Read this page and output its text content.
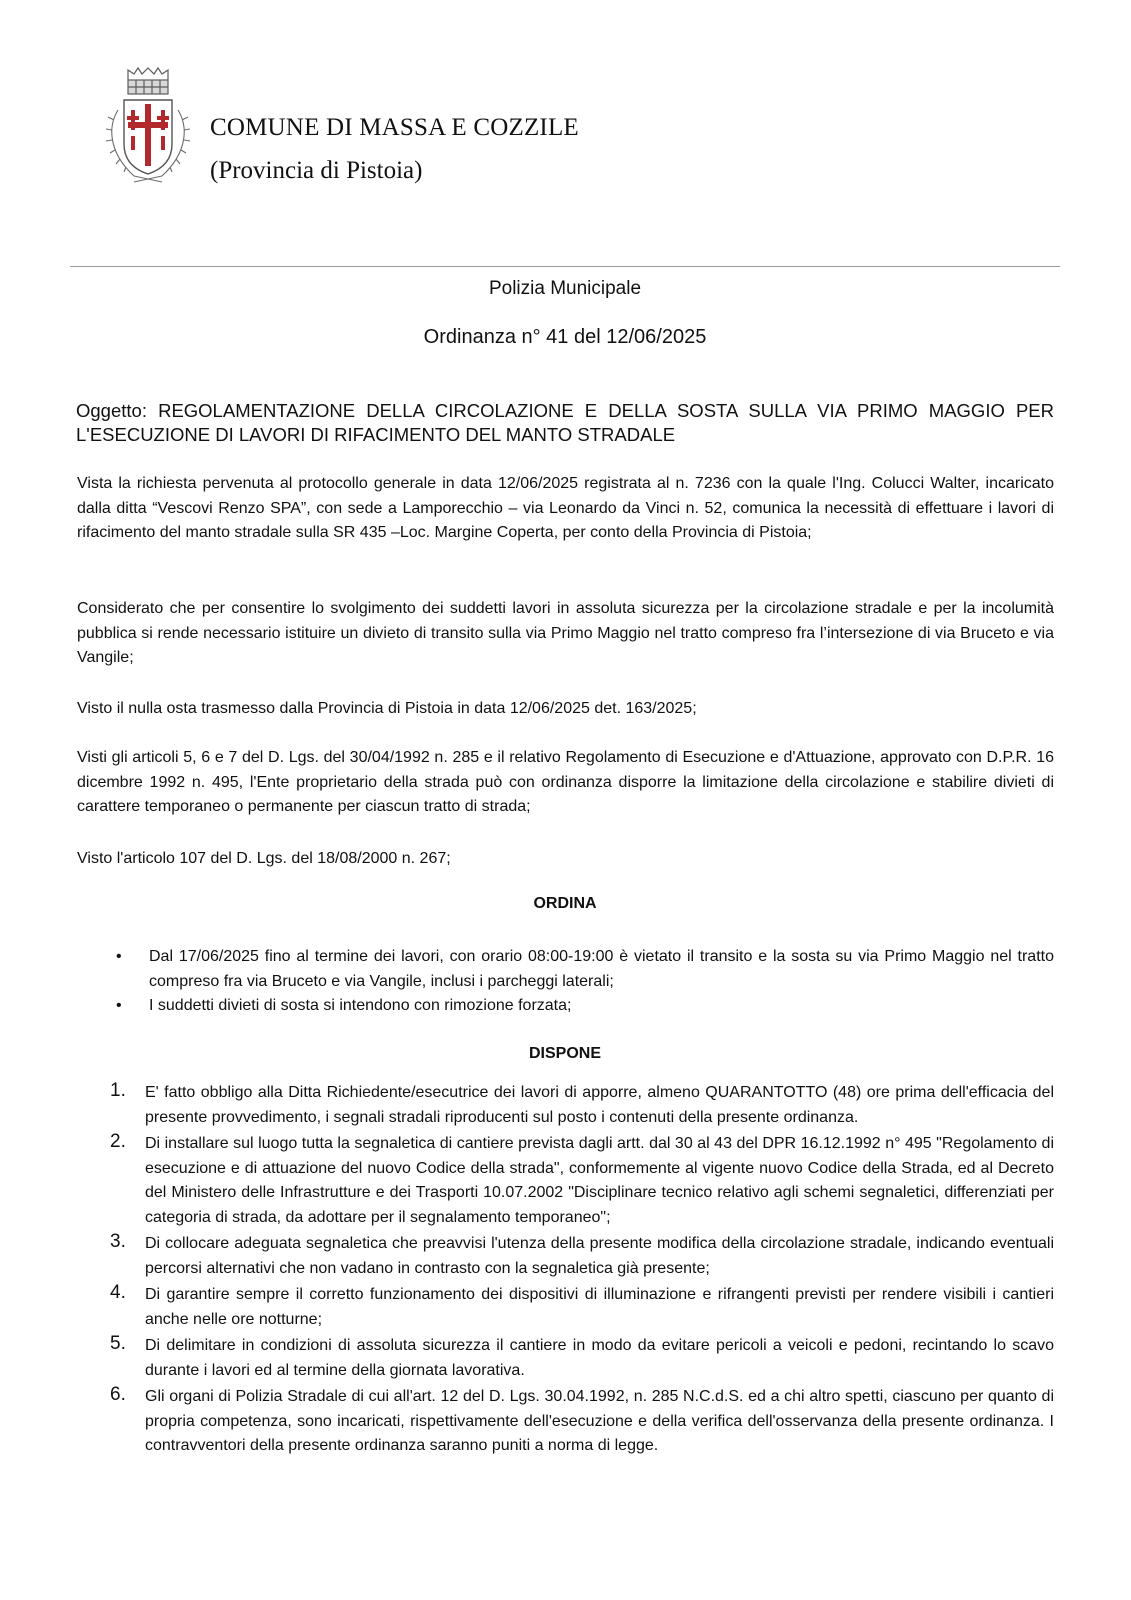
COMUNE DI MASSA E COZZILE
(Provincia di Pistoia)
Polizia Municipale
Ordinanza n° 41 del 12/06/2025
Oggetto: REGOLAMENTAZIONE DELLA CIRCOLAZIONE E DELLA SOSTA SULLA VIA PRIMO MAGGIO PER L'ESECUZIONE DI LAVORI DI RIFACIMENTO DEL MANTO STRADALE
Vista la richiesta pervenuta al protocollo generale in data 12/06/2025 registrata al n. 7236 con la quale l'Ing. Colucci Walter, incaricato dalla ditta “Vescovi Renzo SPA”, con sede a Lamporecchio – via Leonardo da Vinci n. 52, comunica la necessità di effettuare i lavori di rifacimento del manto stradale sulla SR 435 –Loc. Margine Coperta, per conto della Provincia di Pistoia;
Considerato che per consentire lo svolgimento dei suddetti lavori in assoluta sicurezza per la circolazione stradale e per la incolumità pubblica si rende necessario istituire un divieto di transito sulla via Primo Maggio nel tratto compreso fra l’intersezione di via Bruceto e via Vangile;
Visto il nulla osta trasmesso dalla Provincia di Pistoia in data 12/06/2025 det. 163/2025;
Visti gli articoli 5, 6 e 7 del D. Lgs. del 30/04/1992 n. 285 e il relativo Regolamento di Esecuzione e d'Attuazione, approvato con D.P.R. 16 dicembre 1992 n. 495, l'Ente proprietario della strada può con ordinanza disporre la limitazione della circolazione e stabilire divieti di carattere temporaneo o permanente per ciascun tratto di strada;
Visto l'articolo 107 del D. Lgs. del 18/08/2000 n. 267;
ORDINA
• Dal 17/06/2025 fino al termine dei lavori, con orario 08:00-19:00 è vietato il transito e la sosta su via Primo Maggio nel tratto compreso fra via Bruceto e via Vangile, inclusi i parcheggi laterali;
• I suddetti divieti di sosta si intendono con rimozione forzata;
DISPONE
1. E' fatto obbligo alla Ditta Richiedente/esecutrice dei lavori di apporre, almeno QUARANTOTTO (48) ore prima dell'efficacia del presente provvedimento, i segnali stradali riproducenti sul posto i contenuti della presente ordinanza.
2. Di installare sul luogo tutta la segnaletica di cantiere prevista dagli artt. dal 30 al 43 del DPR 16.12.1992 n° 495 "Regolamento di esecuzione e di attuazione del nuovo Codice della strada", conformemente al vigente nuovo Codice della Strada, ed al Decreto del Ministero delle Infrastrutture e dei Trasporti 10.07.2002 "Disciplinare tecnico relativo agli schemi segnaletici, differenziati per categoria di strada, da adottare per il segnalamento temporaneo";
3. Di collocare adeguata segnaletica che preavvisi l'utenza della presente modifica della circolazione stradale, indicando eventuali percorsi alternativi che non vadano in contrasto con la segnaletica già presente;
4. Di garantire sempre il corretto funzionamento dei dispositivi di illuminazione e rifrangenti previsti per rendere visibili i cantieri anche nelle ore notturne;
5. Di delimitare in condizioni di assoluta sicurezza il cantiere in modo da evitare pericoli a veicoli e pedoni, recintando lo scavo durante i lavori ed al termine della giornata lavorativa.
6. Gli organi di Polizia Stradale di cui all'art. 12 del D. Lgs. 30.04.1992, n. 285 N.C.d.S. ed a chi altro spetti, ciascuno per quanto di propria competenza, sono incaricati, rispettivamente dell'esecuzione e della verifica dell'osservanza della presente ordinanza. I contravventori della presente ordinanza saranno puniti a norma di legge.
